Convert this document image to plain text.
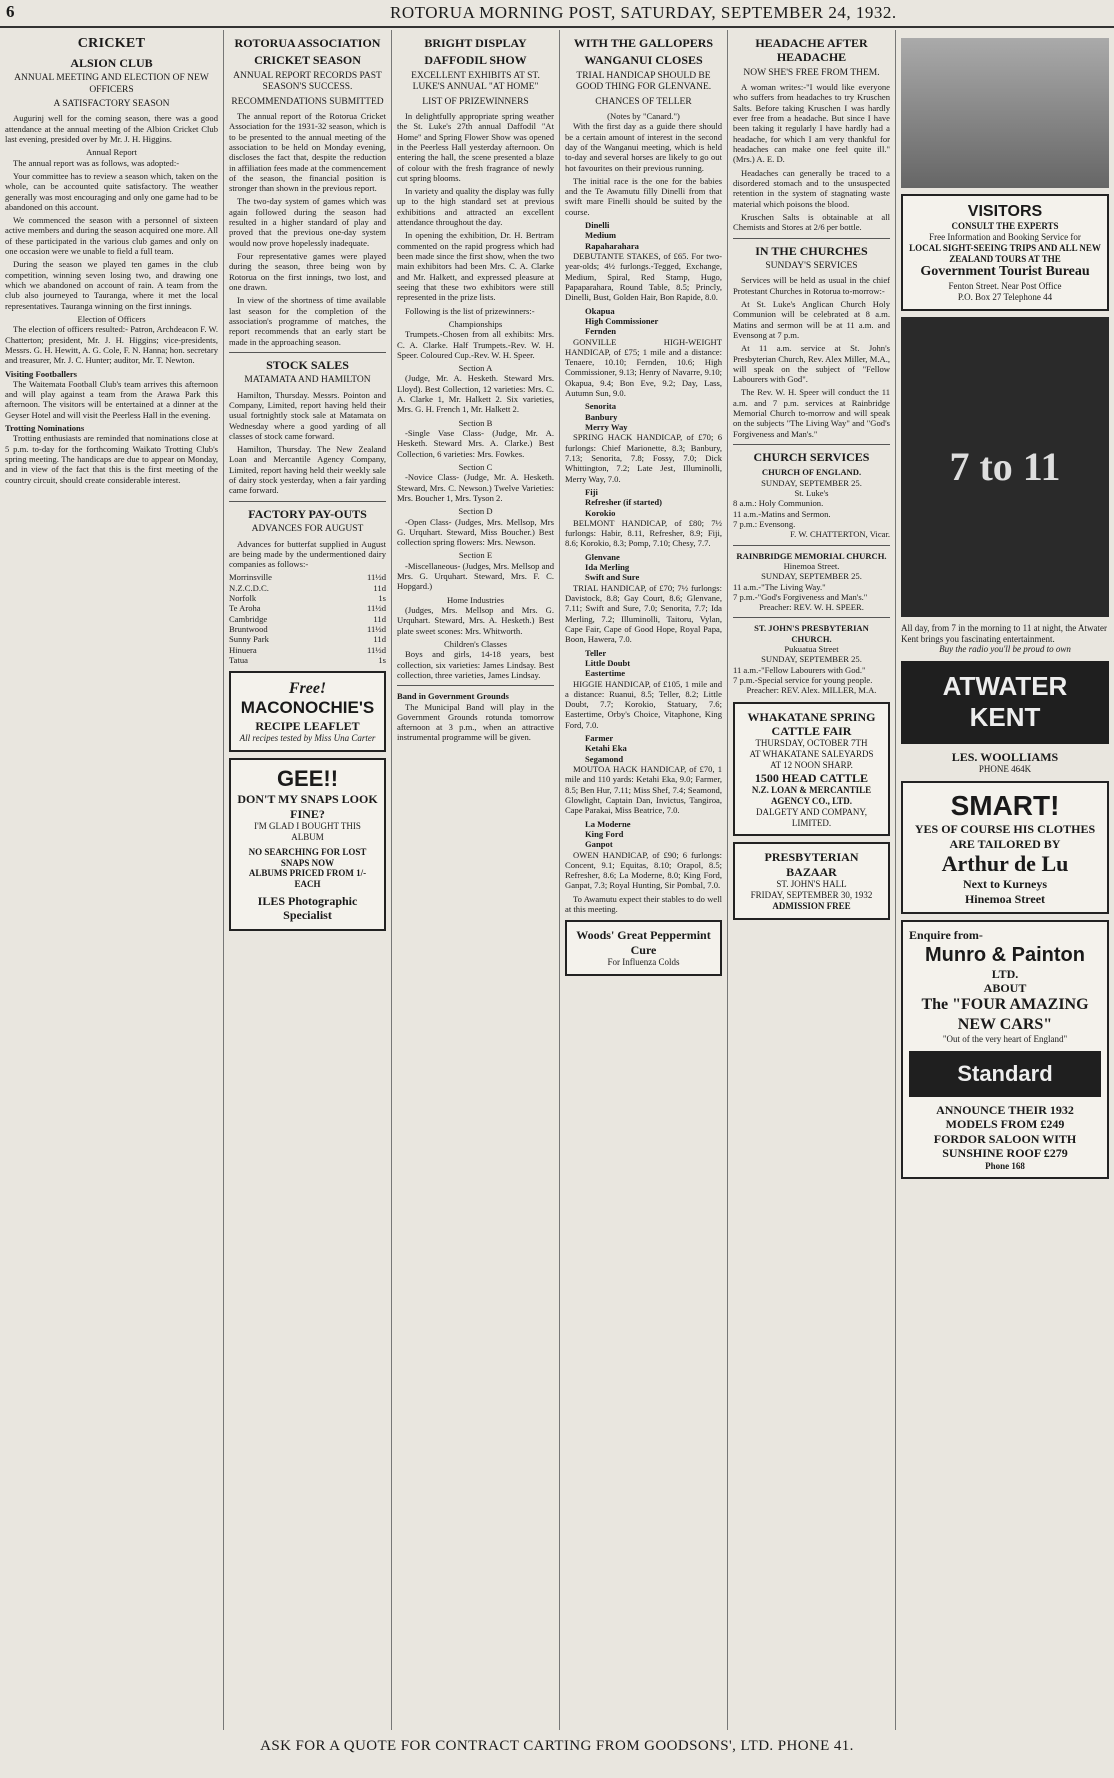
6	ROTORUA MORNING POST, SATURDAY, SEPTEMBER 24, 1932.
CRICKET
ALSION CLUB
ANNUAL MEETING AND ELECTION OF NEW OFFICERS
A SATISFACTORY SEASON

Augurinj well for the coming season, there was a good attendance at the annual meeting of the Albion Cricket Club last evening, presided over by Mr. J. H. Higgins.

Annual Report

The annual report was as follows, was adopted:-

Your committee has to review a season which, taken on the whole, can be accounted quite satisfactory. The weather generally was most encouraging and only one game had to be abandoned on this account.

We commenced the season with a personnel of sixteen active members and during the season acquired one more. All of these participated in the various club games and only on one occasion were we unable to field a full team.

During the season we played ten games in the club competition, winning seven losing two, and drawing one which we abandoned on account of rain. A team from the club also journeyed to Tauranga, where it met the local representatives. Tauranga winning on the first innings.

Election of Officers

The election of officers resulted:- Patron, Archdeacon F. W. Chatterton; president, Mr. J. H. Higgins; vice-presidents, Messrs. G. H. Hewitt, A. G. Cole, F. N. Hanna; hon. secretary and treasurer, Mr. J. C. Hunter; auditor, Mr. T. Newton.

Visiting Footballers

The Waitemata Football Club's team arrives this afternoon and will play against a team from the Arawa Park this afternoon. The visitors will be entertained at a dinner at the Geyser Hotel and will visit the Peerless Hall in the evening.

Trotting Nominations

Trotting enthusiasts are reminded that nominations close at 5 p.m. to-day for the forthcoming Waikato Trotting Club's spring meeting. The handicaps are due to appear on Monday, and in view of the fact that this is the first meeting of the country circuit, should create considerable interest.

ROTORUA ASSOCIATION
CRICKET SEASON
ANNUAL REPORT RECORDS PAST SEASON'S SUCCESS.
RECOMMENDATIONS SUBMITTED

The annual report of the Rotorua Cricket Association for the 1931-32 season, which is to be presented to the annual meeting of the association to be held on Monday evening, discloses the fact that, despite the reduction in affiliation fees made at the commencement of the season, the financial position is stronger than shown in the previous report.

The two-day system of games which was again followed during the season had resulted in a higher standard of play and proved that the previous one-day system would now prove hopelessly inadequate.

Four representative games were played during the season, three being won by Rotorua on the first innings, two lost, and one drawn.

In view of the shortness of time available last season for the completion of the association's programme of matches, the report recommends that an early start be made in the approaching season.

STOCK SALES
MATAMATA AND HAMILTON

Hamilton, Thursday. Messrs. Pointon and Company, Limited, report having held their usual fortnightly stock sale at Matamata on Wednesday where a good yarding of all classes of stock came forward.

Hamilton, Thursday. The New Zealand Loan and Mercantile Agency Company, Limited, report having held their weekly sale of dairy stock yesterday, when a fair yarding came forward.

FACTORY PAY-OUTS
ADVANCES FOR AUGUST

Advances for butterfat supplied in August are being made by the undermentioned dairy companies as follows:-

Morrinsville	11½d
N.Z.C.D.C.	11d
Norfolk	1s
Te Aroha	11½d
Cambridge	11d
Bruntwood	11½d
Sunny Park	11d
Hinuera	11½d
Tatua	1s
Free!
MACONOCHIE'S
RECIPE LEAFLET
All recipes tested by Miss Una Carter
GEE!!
DON'T MY SNAPS LOOK FINE?
I'M GLAD I BOUGHT THIS ALBUM
NO SEARCHING FOR LOST SNAPS NOW
ALBUMS PRICED FROM 1/- EACH
ILES Photographic Specialist
BRIGHT DISPLAY
DAFFODIL SHOW
EXCELLENT EXHIBITS AT ST. LUKE'S ANNUAL "AT HOME"
LIST OF PRIZEWINNERS

In delightfully appropriate spring weather the St. Luke's 27th annual Daffodil "At Home" and Spring Flower Show was opened in the Peerless Hall yesterday afternoon. On entering the hall, the scene presented a blaze of colour with the fresh fragrance of newly cut spring blooms.

In variety and quality the display was fully up to the high standard set at previous exhibitions and attracted an excellent attendance throughout the day.

In opening the exhibition, Dr. H. Bertram commented on the rapid progress which had been made since the first show, when the two main exhibitors had been Mrs. C. A. Clarke and Mr. Halkett, and expressed pleasure at seeing that these two exhibitors were still represented in the prize lists.

Following is the list of prizewinners:-

Championships

Trumpets.-Chosen from all exhibits: Mrs. C. A. Clarke. Half Trumpets.-Rev. W. H. Speer. Coloured Cup.-Rev. W. H. Speer.

Section A

(Judge, Mr. A. Hesketh. Steward Mrs. Lloyd). Best Collection, 12 varieties: Mrs. C. A. Clarke 1, Mr. Halkett 2. Six varieties, Mrs. G. H. French 1, Mr. Halkett 2.

Section B

-Single Vase Class- (Judge, Mr. A. Hesketh. Steward Mrs. A. Clarke.) Best Collection, 6 varieties: Mrs. Fowkes.

Section C

-Novice Class- (Judge, Mr. A. Hesketh. Steward, Mrs. C. Newson.) Twelve Varieties: Mrs. Boucher 1, Mrs. Tyson 2.

Section D

-Open Class- (Judges, Mrs. Mellsop, Mrs G. Urquhart. Steward, Miss Boucher.) Best collection spring flowers: Mrs. Newson.

Section E

-Miscellaneous- (Judges, Mrs. Mellsop and Mrs. G. Urquhart. Steward, Mrs. F. C. Hopgard.)

Home Industries

(Judges, Mrs. Mellsop and Mrs. G. Urquhart. Steward, Mrs. A. Hesketh.) Best plate sweet scones: Mrs. Whitworth.

Children's Classes

Boys and girls, 14-18 years, best collection, six varieties: James Lindsay. Best collection, three varieties, James Lindsay.

Band in Government Grounds

The Municipal Band will play in the Government Grounds rotunda tomorrow afternoon at 3 p.m., when an attractive instrumental programme will be given.

WITH THE GALLOPERS
WANGANUI CLOSES
TRIAL HANDICAP SHOULD BE GOOD THING FOR GLENVANE.
CHANCES OF TELLER
(Notes by "Canard.")

With the first day as a guide there should be a certain amount of interest in the second day of the Wanganui meeting, which is held to-day and several horses are likely to go out hot favourites on their previous running.

The initial race is the one for the babies and the Te Awamutu filly Dinelli from that swift mare Finelli should be suited by the course.

Dinelli
Medium
Rapaharahara

DEBUTANTE STAKES, of £65. For two-year-olds; 4½ furlongs.-Tegged, Exchange, Medium, Spiral, Red Stamp, Hugo, Papaparahara, Round Table, 8.5; Princly, Dinelli, Bust, Golden Hair, Bon Rapide, 8.0.

Okapua
High Commissioner
Fernden

GONVILLE HIGH-WEIGHT HANDICAP, of £75; 1 mile and a distance: Tenaere, 10.10; Fernden, 10.6; High Commissioner, 9.13; Henry of Navarre, 9.10; Okapua, 9.4; Bon Eve, 9.2; Day, Lass, Autumn Sun, 9.0.

Senorita
Banbury
Merry Way

SPRING HACK HANDICAP, of £70; 6 furlongs: Chief Marionette, 8.3; Banbury, 7.13; Senorita, 7.8; Fossy, 7.0; Dick Whittington, 7.2; Late Jest, Illuminolli, Merry Way, 7.0.

Fiji
Refresher (if started)
Korokio

BELMONT HANDICAP, of £80; 7½ furlongs: Habir, 8.11, Refresher, 8.9; Fiji, 8.6; Korokio, 8.3; Pomp, 7.10; Chesy, 7.7.

Glenvane
Ida Merling
Swift and Sure

TRIAL HANDICAP, of £70; 7½ furlongs: Davistock, 8.8; Gay Court, 8.6; Glenvane, 7.11; Swift and Sure, 7.0; Senorita, 7.7; Ida Merling, 7.2; Illuminolli, Taitoru, Vylan, Cape Fair, Cape of Good Hope, Royal Papa, Boon, Hawera, 7.0.

Teller
Little Doubt
Eastertime

HIGGIE HANDICAP, of £105, 1 mile and a distance: Ruanui, 8.5; Teller, 8.2; Little Doubt, 7.7; Korokio, Statuary, 7.6; Eastertime, Orby's Choice, Vitaphone, King Ford, 7.0.

Farmer
Ketahi Eka
Segamond

MOUTOA HACK HANDICAP, of £70, 1 mile and 110 yards: Ketahi Eka, 9.0; Farmer, 8.5; Ben Hur, 7.11; Miss Shef, 7.4; Seamond, Glowlight, Captain Dan, Invictus, Tangiroa, Cape Parakai, Miss Beatrice, 7.0.

La Moderne
King Ford
Ganpot

OWEN HANDICAP, of £90; 6 furlongs: Concent, 9.1; Equitas, 8.10; Orapol, 8.5; Refresher, 8.6; La Moderne, 8.0; King Ford, Ganpat, 7.3; Royal Hunting, Sir Pombal, 7.0.

To Awamutu expect their stables to do well at this meeting.

Woods' Great Peppermint Cure
For Influenza Colds
HEADACHE AFTER HEADACHE
NOW SHE'S FREE FROM THEM.

A woman writes:-"I would like everyone who suffers from headaches to try Kruschen Salts. Before taking Kruschen I was hardly ever free from a headache. But since I have been taking it regularly I have hardly had a headache, for which I am very thankful for headaches can make one feel quite ill." (Mrs.) A. E. D.

Headaches can generally be traced to a disordered stomach and to the unsuspected retention in the system of stagnating waste material which poisons the blood.

Kruschen Salts is obtainable at all Chemists and Stores at 2/6 per bottle.

IN THE CHURCHES
SUNDAY'S SERVICES

Services will be held as usual in the chief Protestant Churches in Rotorua to-morrow:-

At St. Luke's Anglican Church Holy Communion will be celebrated at 8 a.m. Matins and sermon will be at 11 a.m. and Evensong at 7 p.m.

At 11 a.m. service at St. John's Presbyterian Church, Rev. Alex Miller, M.A., will speak on the subject of "Fellow Labourers with God".

The Rev. W. H. Speer will conduct the 11 a.m. and 7 p.m. services at Rainbridge Memorial Church to-morrow and will speak on the subjects "The Living Way" and "God's Forgiveness and Man's."

CHURCH SERVICES
CHURCH OF ENGLAND.
SUNDAY, SEPTEMBER 25.
St. Luke's
8 a.m.: Holy Communion.
11 a.m.-Matins and Sermon.
7 p.m.: Evensong.
F. W. CHATTERTON, Vicar.
RAINBRIDGE MEMORIAL CHURCH.
Hinemoa Street.
SUNDAY, SEPTEMBER 25.
11 a.m.-"The Living Way."
7 p.m.-"God's Forgiveness and Man's."
Preacher: REV. W. H. SPEER.
ST. JOHN'S PRESBYTERIAN CHURCH.
Pukuatua Street
SUNDAY, SEPTEMBER 25.
11 a.m.-"Fellow Labourers with God."
7 p.m.-Special service for young people.
Preacher: REV. Alex. MILLER, M.A.
WHAKATANE SPRING CATTLE FAIR
THURSDAY, OCTOBER 7TH
AT WHAKATANE SALEYARDS
AT 12 NOON SHARP.
1500 HEAD CATTLE
N.Z. LOAN & MERCANTILE AGENCY CO., LTD.
DALGETY AND COMPANY, LIMITED.
PRESBYTERIAN BAZAAR
ST. JOHN'S HALL
FRIDAY, SEPTEMBER 30, 1932
ADMISSION FREE
VISITORS
CONSULT THE EXPERTS
Free Information and Booking Service for
LOCAL SIGHT-SEEING TRIPS AND ALL NEW ZEALAND TOURS AT THE
Government Tourist Bureau
Fenton Street. Near Post Office
P.O. Box 27 Telephone 44
7 to 11
All day, from 7 in the morning to 11 at night, the Atwater Kent brings you fascinating entertainment.
Buy the radio you'll be proud to own
ATWATER KENT
LES. WOOLLIAMS
PHONE 464K
SMART!
YES OF COURSE HIS CLOTHES ARE TAILORED BY
Arthur de Lu
Next to Kurneys
Hinemoa Street
Enquire from-
Munro & Painton
LTD.
ABOUT
The "FOUR AMAZING NEW CARS"
"Out of the very heart of England"
Standard
ANNOUNCE THEIR 1932 MODELS FROM £249
FORDOR SALOON WITH SUNSHINE ROOF £279
Phone 168
ASK FOR A QUOTE FOR CONTRACT CARTING FROM GOODSONS', LTD. PHONE 41.
